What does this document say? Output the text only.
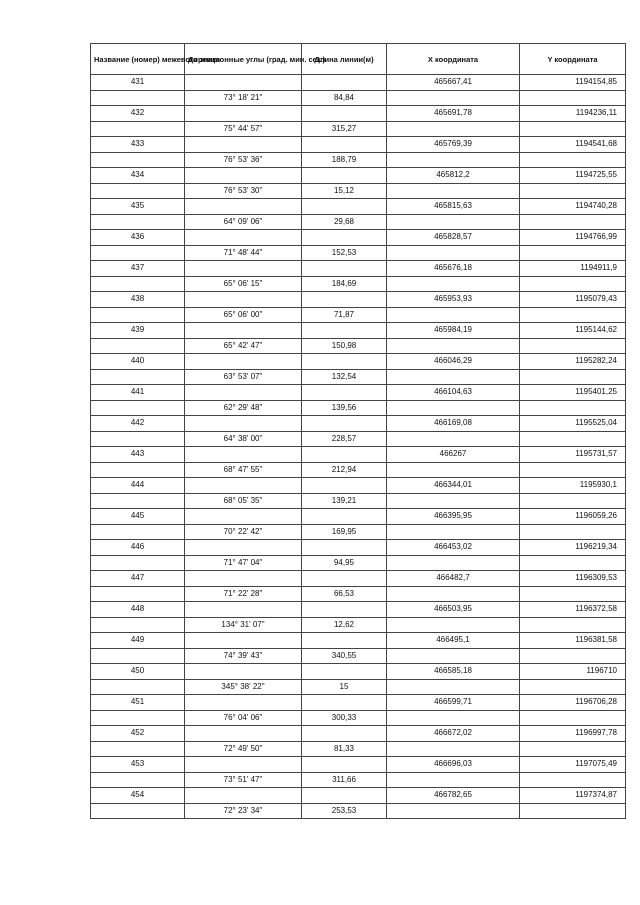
Название (номер) межевого знака	Дирекционные углы (град. мин. сек.)	Длина линии(м)	X координата	Y координата
431			465667,41	1194154,85
	73° 18' 21"	84,84		
432			465691,78	1194236,11
	75° 44' 57"	315,27		
433			465769,39	1194541,68
	76° 53' 36"	188,79		
434			465812,2	1194725,55
	76° 53' 30"	15,12		
435			465815,63	1194740,28
	64° 09' 06"	29,68		
436			465828,57	1194766,99
	71° 48' 44"	152,53		
437			465676,18	1194911,9
	65° 06' 15"	184,69		
438			465953,93	1195079,43
	65° 06' 00"	71,87		
439			465984,19	1195144,62
	65° 42' 47"	150,98		
440			466046,29	1195282,24
	63° 53' 07"	132,54		
441			466104,63	1195401,25
	62° 29' 48"	139,56		
442			466169,08	1195525,04
	64° 38' 00"	228,57		
443			466267	1195731,57
	68° 47' 55"	212,94		
444			466344,01	1195930,1
	68° 05' 35"	139,21		
445			466395,95	1196059,26
	70° 22' 42"	169,95		
446			466453,02	1196219,34
	71° 47' 04"	94,95		
447			466482,7	1196309,53
	71° 22' 28"	66,53		
448			466503,95	1196372,58
	134° 31' 07"	12,62		
449			466495,1	1196381,58
	74° 39' 43"	340,55		
450			466585,18	1196710
	345° 38' 22"	15		
451			466599,71	1196706,28
	76° 04' 06"	300,33		
452			466672,02	1196997,78
	72° 49' 50"	81,33		
453			466696,03	1197075,49
	73° 51' 47"	311,66		
454			466782,65	1197374,87
	72° 23' 34"	253,53		
